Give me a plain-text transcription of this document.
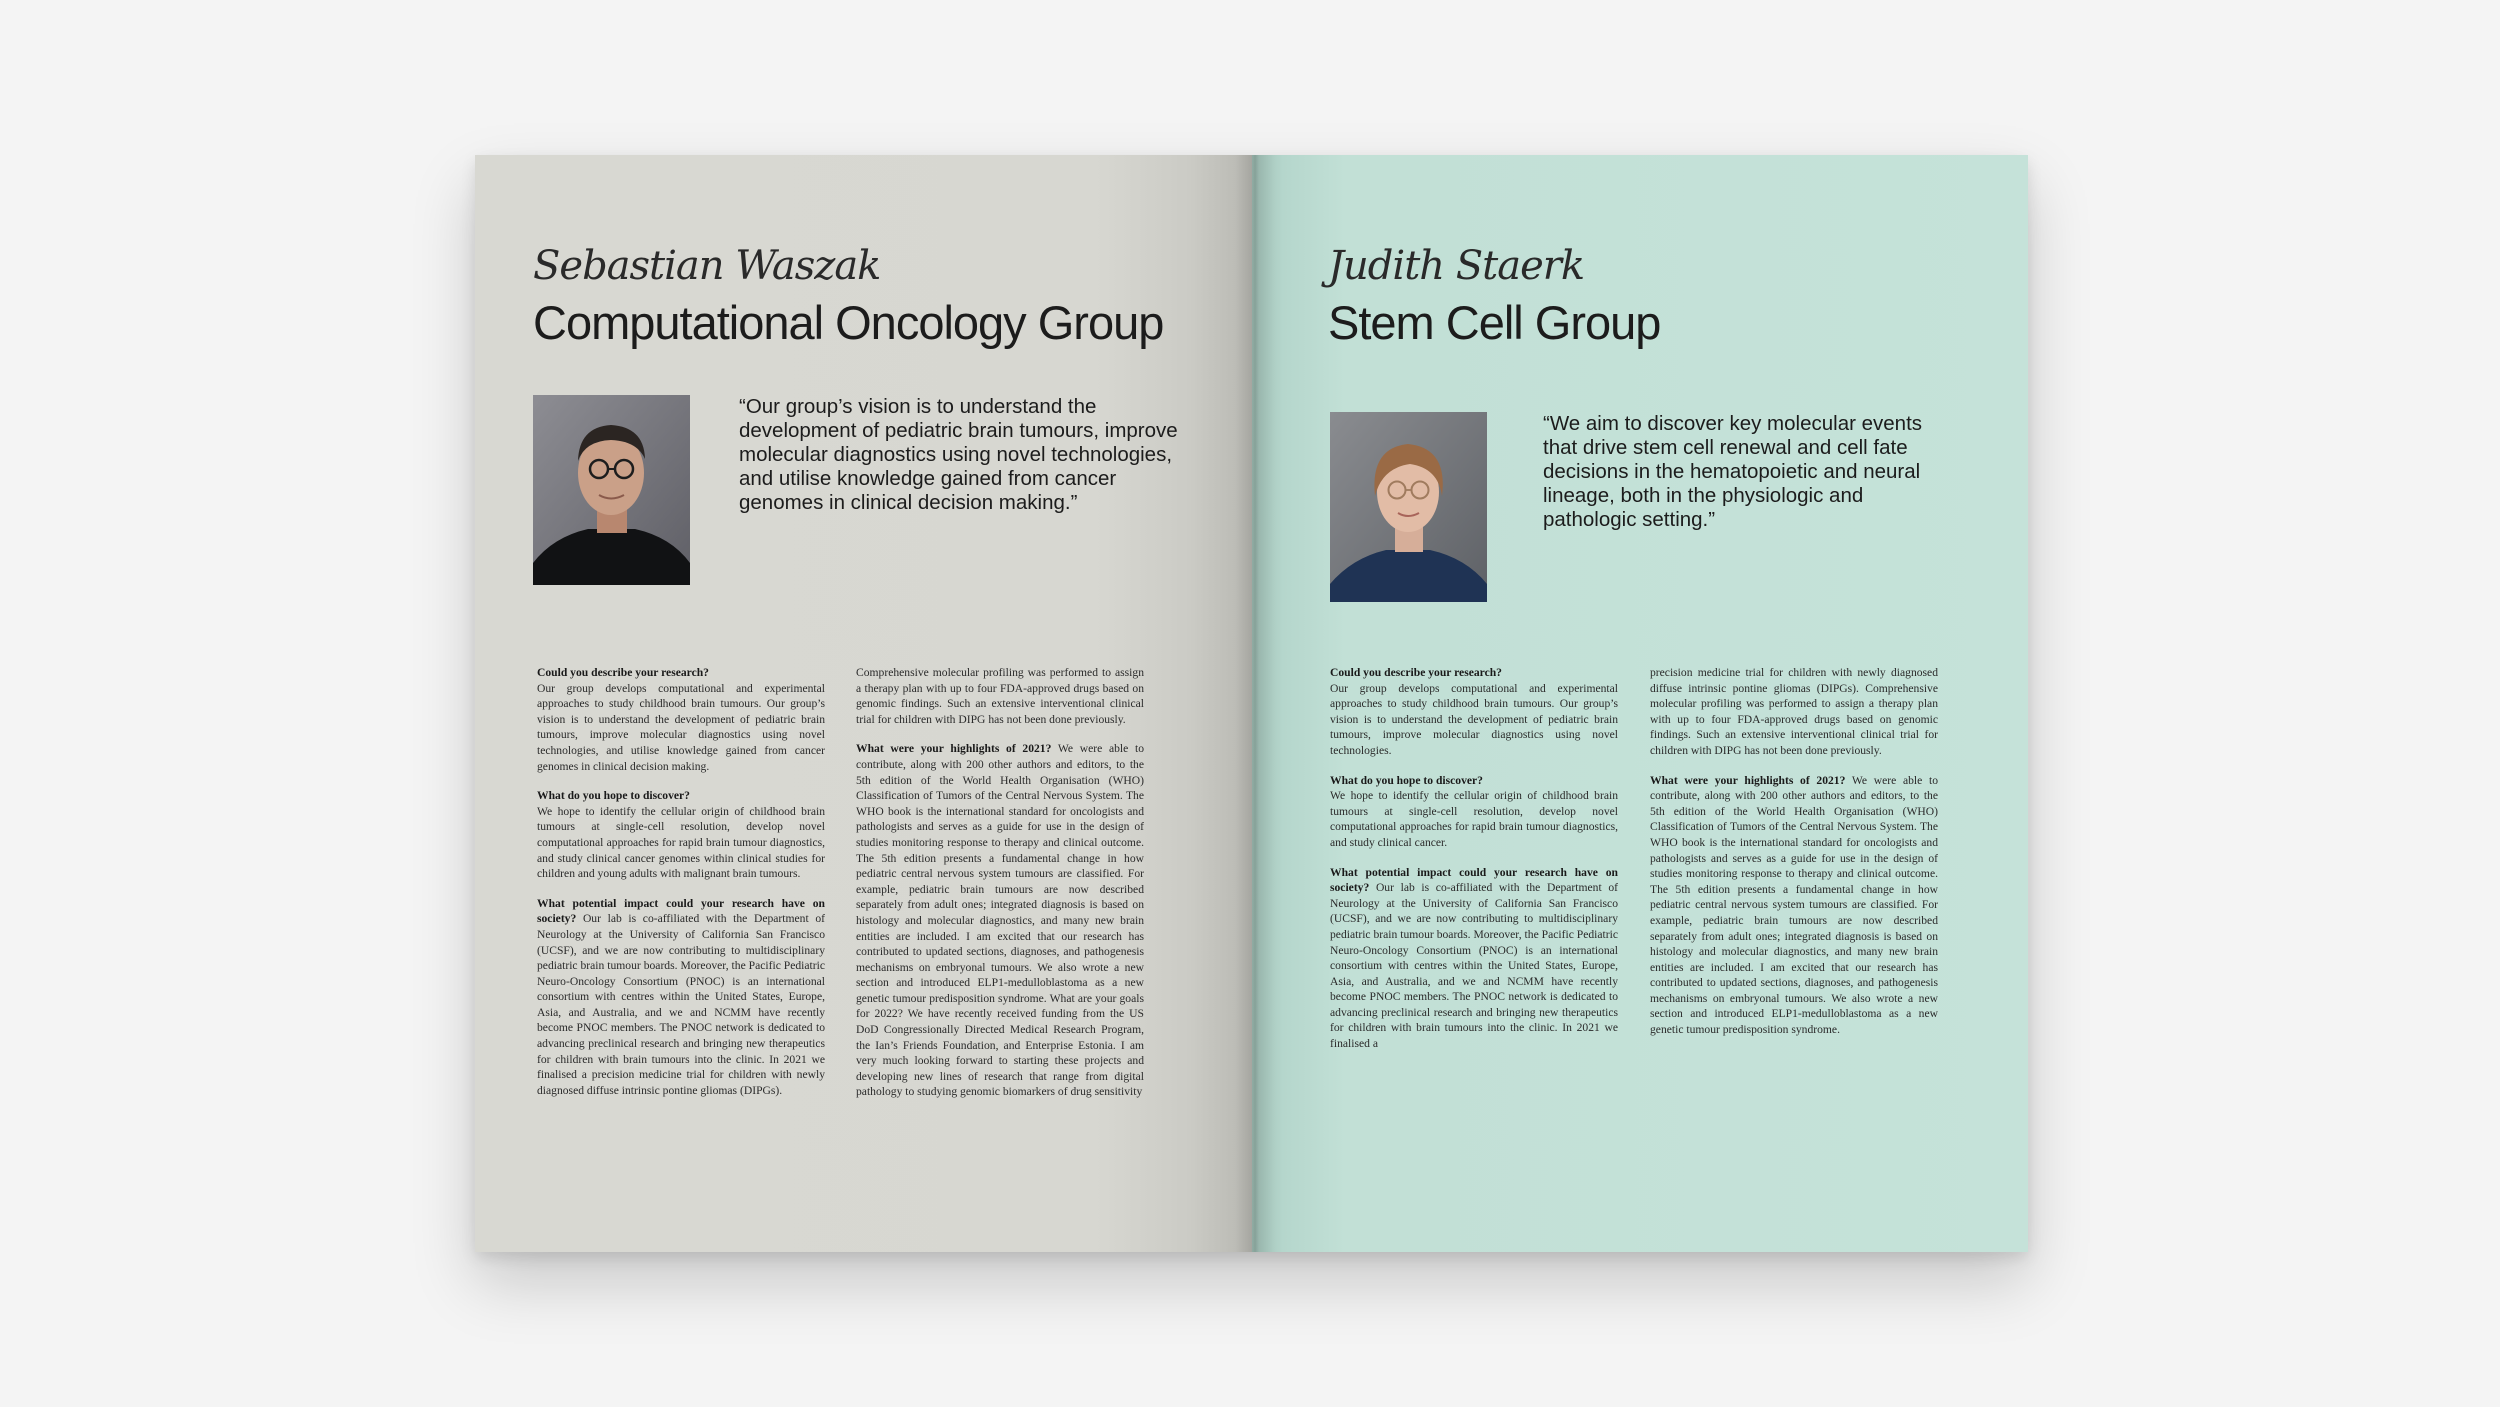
Sebastian Waszak
Computational Oncology Group

“Our group’s vision is to understand the development of pediatric brain tumours, improve molecular diagnostics using novel technologies, and utilise knowledge gained from cancer genomes in clinical decision making.”

Could you describe your research?
Our group develops computational and experimental approaches to study childhood brain tumours. Our group’s vision is to understand the development of pediatric brain tumours, improve molecular diagnostics using novel technologies, and utilise knowledge gained from cancer genomes in clinical decision making.

What do you hope to discover?
We hope to identify the cellular origin of childhood brain tumours at single-cell resolution, develop novel computational approaches for rapid brain tumour diagnostics, and study clinical cancer genomes within clinical studies for children and young adults with malignant brain tumours.

What potential impact could your research have on society? Our lab is co-affiliated with the Department of Neurology at the University of California San Francisco (UCSF), and we are now contributing to multidisciplinary pediatric brain tumour boards. Moreover, the Pacific Pediatric Neuro-Oncology Consortium (PNOC) is an international consortium with centres within the United States, Europe, Asia, and Australia, and we and NCMM have recently become PNOC members. The PNOC network is dedicated to advancing preclinical research and bringing new therapeutics for children with brain tumours into the clinic. In 2021 we finalised a precision medicine trial for children with newly diagnosed diffuse intrinsic pontine gliomas (DIPGs).

Comprehensive molecular profiling was performed to assign a therapy plan with up to four FDA-approved drugs based on genomic findings. Such an extensive interventional clinical trial for children with DIPG has not been done previously.

What were your highlights of 2021? We were able to contribute, along with 200 other authors and editors, to the 5th edition of the World Health Organisation (WHO) Classification of Tumors of the Central Nervous System. The WHO book is the international standard for oncologists and pathologists and serves as a guide for use in the design of studies monitoring response to therapy and clinical outcome. The 5th edition presents a fundamental change in how pediatric central nervous system tumours are classified. For example, pediatric brain tumours are now described separately from adult ones; integrated diagnosis is based on histology and molecular diagnostics, and many new brain entities are included. I am excited that our research has contributed to updated sections, diagnoses, and pathogenesis mechanisms on embryonal tumours. We also wrote a new section and introduced ELP1-medulloblastoma as a new genetic tumour predisposition syndrome. What are your goals for 2022? We have recently received funding from the US DoD Congressionally Directed Medical Research Program, the Ian’s Friends Foundation, and Enterprise Estonia. I am very much looking forward to starting these projects and developing new lines of research that range from digital pathology to studying genomic biomarkers of drug sensitivity

Judith Staerk
Stem Cell Group

“We aim to discover key molecular events that drive stem cell renewal and cell fate decisions in the hematopoietic and neural lineage, both in the physiologic and pathologic setting.”

Could you describe your research?
Our group develops computational and experimental approaches to study childhood brain tumours. Our group’s vision is to understand the development of pediatric brain tumours, improve molecular diagnostics using novel technologies.

What do you hope to discover?
We hope to identify the cellular origin of childhood brain tumours at single-cell resolution, develop novel computational approaches for rapid brain tumour diagnostics, and study clinical cancer.

What potential impact could your research have on society? Our lab is co-affiliated with the Department of Neurology at the University of California San Francisco (UCSF), and we are now contributing to multidisciplinary pediatric brain tumour boards. Moreover, the Pacific Pediatric Neuro-Oncology Consortium (PNOC) is an international consortium with centres within the United States, Europe, Asia, and Australia, and we and NCMM have recently become PNOC members. The PNOC network is dedicated to advancing preclinical research and bringing new therapeutics for children with brain tumours into the clinic. In 2021 we finalised a

precision medicine trial for children with newly diagnosed diffuse intrinsic pontine gliomas (DIPGs). Comprehensive molecular profiling was performed to assign a therapy plan with up to four FDA-approved drugs based on genomic findings. Such an extensive interventional clinical trial for children with DIPG has not been done previously.

What were your highlights of 2021? We were able to contribute, along with 200 other authors and editors, to the 5th edition of the World Health Organisation (WHO) Classification of Tumors of the Central Nervous System. The WHO book is the international standard for oncologists and pathologists and serves as a guide for use in the design of studies monitoring response to therapy and clinical outcome. The 5th edition presents a fundamental change in how pediatric central nervous system tumours are classified. For example, pediatric brain tumours are now described separately from adult ones; integrated diagnosis is based on histology and molecular diagnostics, and many new brain entities are included. I am excited that our research has contributed to updated sections, diagnoses, and pathogenesis mechanisms on embryonal tumours. We also wrote a new section and introduced ELP1-medulloblastoma as a new genetic tumour predisposition syndrome.
